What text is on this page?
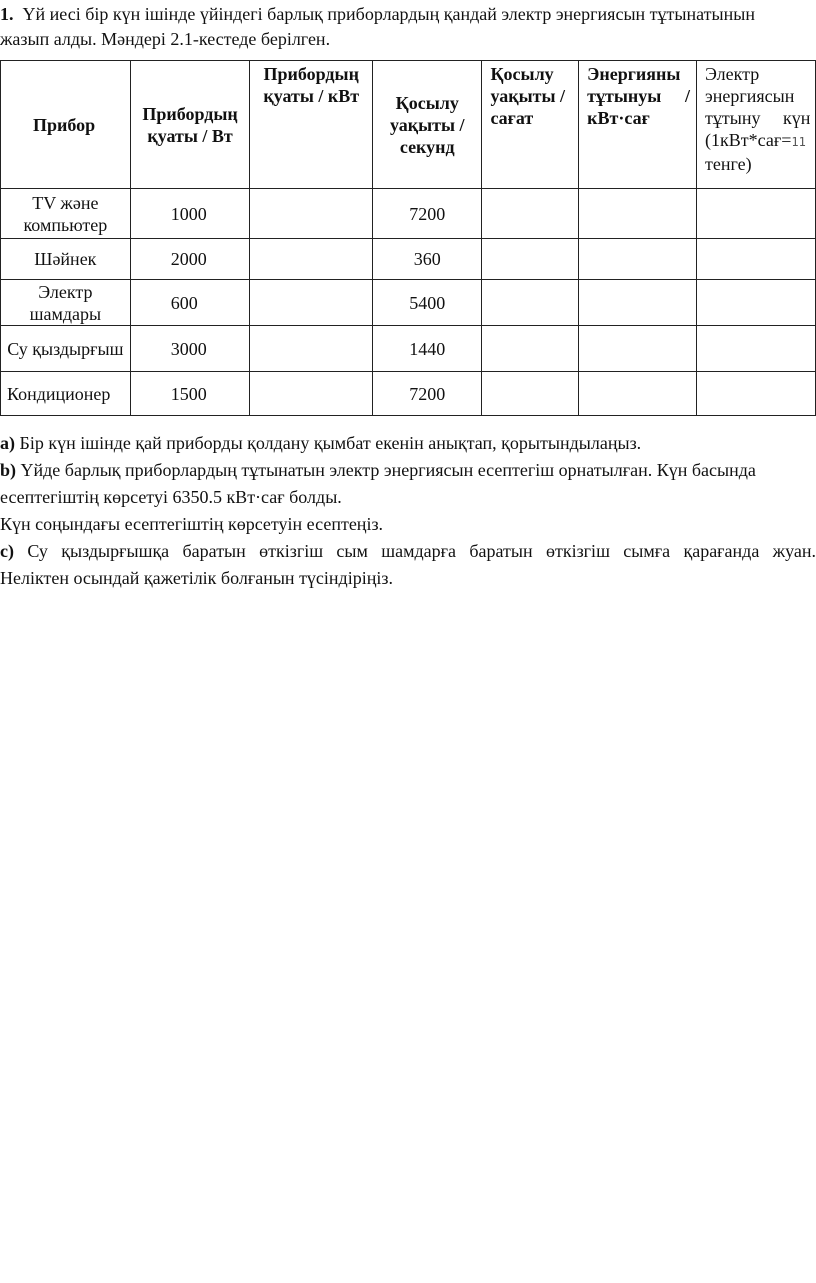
1. Үй иесі бір күн ішінде үйіндегі барлық приборлардың қандай электр энергиясын тұтынатынын
жазып алды. Мәндері 2.1-кестеде берілген.
Прибор	Прибордың қуаты / Вт	Прибордың қуаты / кВт	Қосылу уақыты / секунд	Қосылу уақыты / сағат	Энергияны тұтынуы / кВт·сағ	Электр
энергиясын
тұтыну күн
(1кВт*сағ=11
тенге)

TV және компьютер	1000		7200			
Шәйнек	2000		360			
Электр шамдары	600		5400			
Су қыздырғыш	3000		1440			
Кондиционер	1500		7200			

a) Бір күн ішінде қай приборды қолдану қымбат екенін анықтап, қорытындылаңыз.

b) Үйде барлық приборлардың тұтынатын электр энергиясын есептегіш орнатылған. Күн басында

есептегіштің көрсетуі 6350.5 кВт·сағ болды.

Күн соңындағы есептегіштің көрсетуін есептеңіз.

c) Су қыздырғышқа баратын өткізгіш сым шамдарға баратын өткізгіш сымға қарағанда жуан.

Неліктен осындай қажетілік болғанын түсіндіріңіз.
